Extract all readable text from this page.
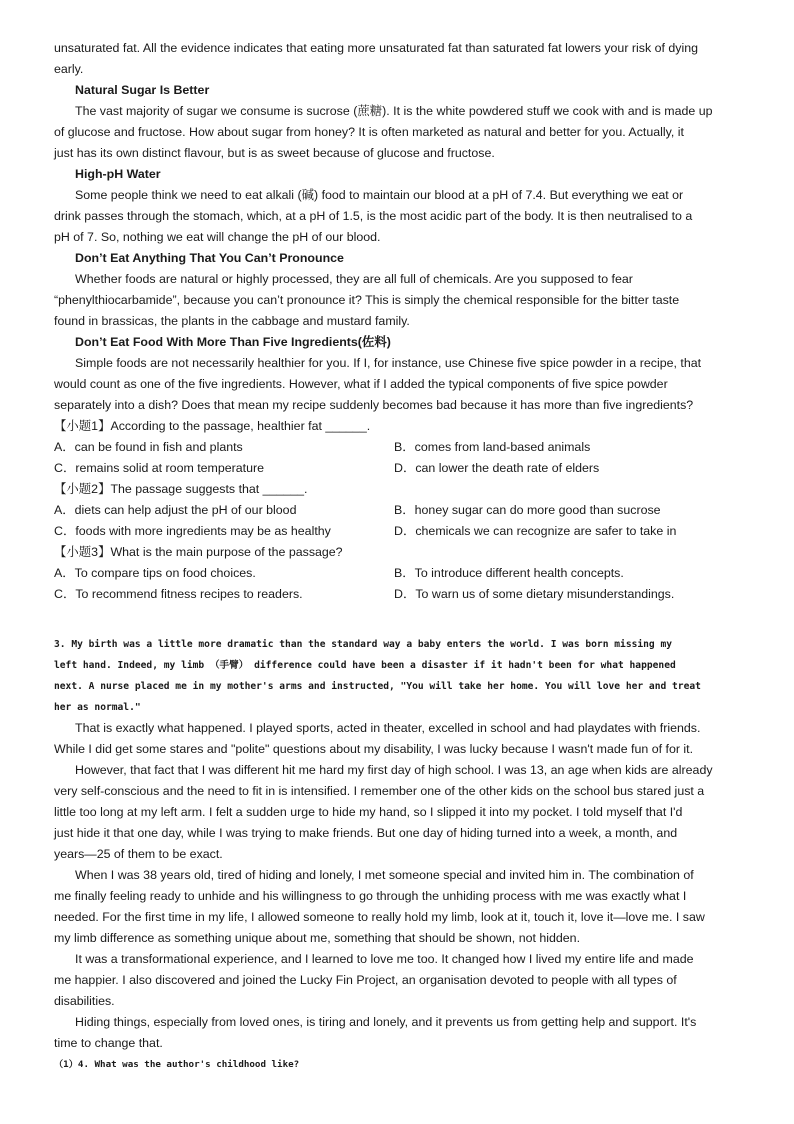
unsaturated fat. All the evidence indicates that eating more unsaturated fat than saturated fat lowers your risk of dying

early.

Natural Sugar Is Better

The vast majority of sugar we consume is sucrose (蔗糖). It is the white powdered stuff we cook with and is made up

of glucose and fructose. How about sugar from honey? It is often marketed as natural and better for you. Actually, it

just has its own distinct flavour, but is as sweet because of glucose and fructose.

High-pH Water

Some people think we need to eat alkali (碱) food to maintain our blood at a pH of 7.4. But everything we eat or

drink passes through the stomach, which, at a pH of 1.5, is the most acidic part of the body. It is then neutralised to a

pH of 7. So, nothing we eat will change the pH of our blood.

Don’t Eat Anything That You Can’t Pronounce

Whether foods are natural or highly processed, they are all full of chemicals. Are you supposed to fear

“phenylthiocarbamide”, because you can’t pronounce it? This is simply the chemical responsible for the bitter taste

found in brassicas, the plants in the cabbage and mustard family.

Don’t Eat Food With More Than Five Ingredients(佐料)

Simple foods are not necessarily healthier for you. If I, for instance, use Chinese five spice powder in a recipe, that

would count as one of the five ingredients. However, what if I added the typical components of five spice powder

separately into a dish? Does that mean my recipe suddenly becomes bad because it has more than five ingredients?

【小题1】According to the passage, healthier fat ______.

A．can be found in fish and plants	B．comes from land-based animals
C．remains solid at room temperature	D．can lower the death rate of elders

【小题2】The passage suggests that ______.

A．diets can help adjust the pH of our blood	B．honey sugar can do more good than sucrose
C．foods with more ingredients may be as healthy	D．chemicals we can recognize are safer to take in

【小题3】What is the main purpose of the passage?

A．To compare tips on food choices.	B．To introduce different health concepts.
C．To recommend fitness recipes to readers.	D．To warn us of some dietary misunderstandings.

3. My birth was a little more dramatic than the standard way a baby enters the world. I was born missing my

left hand. Indeed, my limb （手臂） difference could have been a disaster if it hadn't been for what happened

next. A nurse placed me in my mother's arms and instructed, "You will take her home. You will love her and treat

her as normal."

That is exactly what happened. I played sports, acted in theater, excelled in school and had playdates with friends.

While I did get some stares and "polite" questions about my disability, I was lucky because I wasn't made fun of for it.

However, that fact that I was different hit me hard my first day of high school. I was 13, an age when kids are already

very self-conscious and the need to fit in is intensified. I remember one of the other kids on the school bus stared just a

little too long at my left arm. I felt a sudden urge to hide my hand, so I slipped it into my pocket. I told myself that I'd

just hide it that one day, while I was trying to make friends. But one day of hiding turned into a week, a month, and

years—25 of them to be exact.

When I was 38 years old, tired of hiding and lonely, I met someone special and invited him in. The combination of

me finally feeling ready to unhide and his willingness to go through the unhiding process with me was exactly what I

needed. For the first time in my life, I allowed someone to really hold my limb, look at it, touch it, love it—love me. I saw

my limb difference as something unique about me, something that should be shown, not hidden.

It was a transformational experience, and I learned to love me too. It changed how I lived my entire life and made

me happier. I also discovered and joined the Lucky Fin Project, an organisation devoted to people with all types of

disabilities.

Hiding things, especially from loved ones, is tiring and lonely, and it prevents us from getting help and support. It's

time to change that.

（1）4. What was the author's childhood like?
